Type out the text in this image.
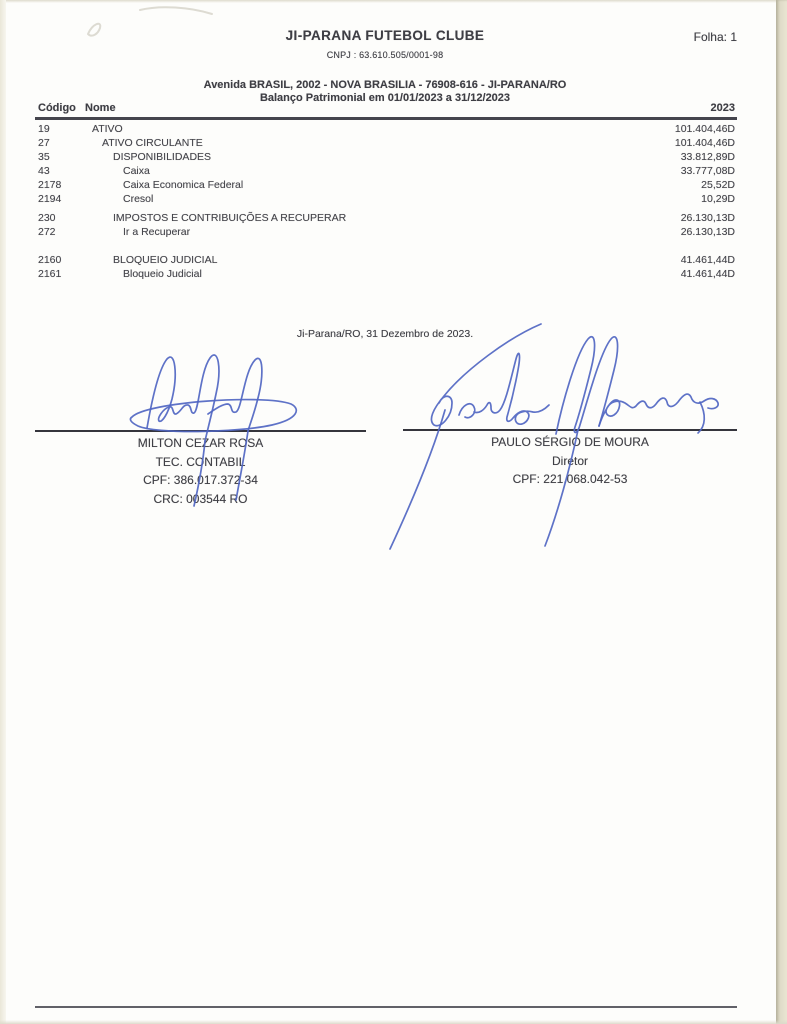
JI-PARANA FUTEBOL CLUBE
CNPJ : 63.610.505/0001-98
Avenida BRASIL, 2002 - NOVA BRASILIA - 76908-616 - JI-PARANA/RO
Balanço Patrimonial em 01/01/2023 a 31/12/2023
Folha: 1
Código Nome	2023
19	ATIVO	101.404,46D
27	ATIVO CIRCULANTE	101.404,46D
35	DISPONIBILIDADES	33.812,89D
43	Caixa	33.777,08D
2178	Caixa Economica Federal	25,52D
2194	Cresol	10,29D
230	IMPOSTOS E CONTRIBUIÇÕES A RECUPERAR	26.130,13D
272	Ir a Recuperar	26.130,13D
2160	BLOQUEIO JUDICIAL	41.461,44D
2161	Bloqueio Judicial	41.461,44D
Ji-Parana/RO, 31 Dezembro de 2023.
MILTON CEZAR ROSA
TEC. CONTABIL
CPF: 386.017.372-34
CRC: 003544 RO
PAULO SÉRGIO DE MOURA
Diretor
CPF: 221.068.042-53
